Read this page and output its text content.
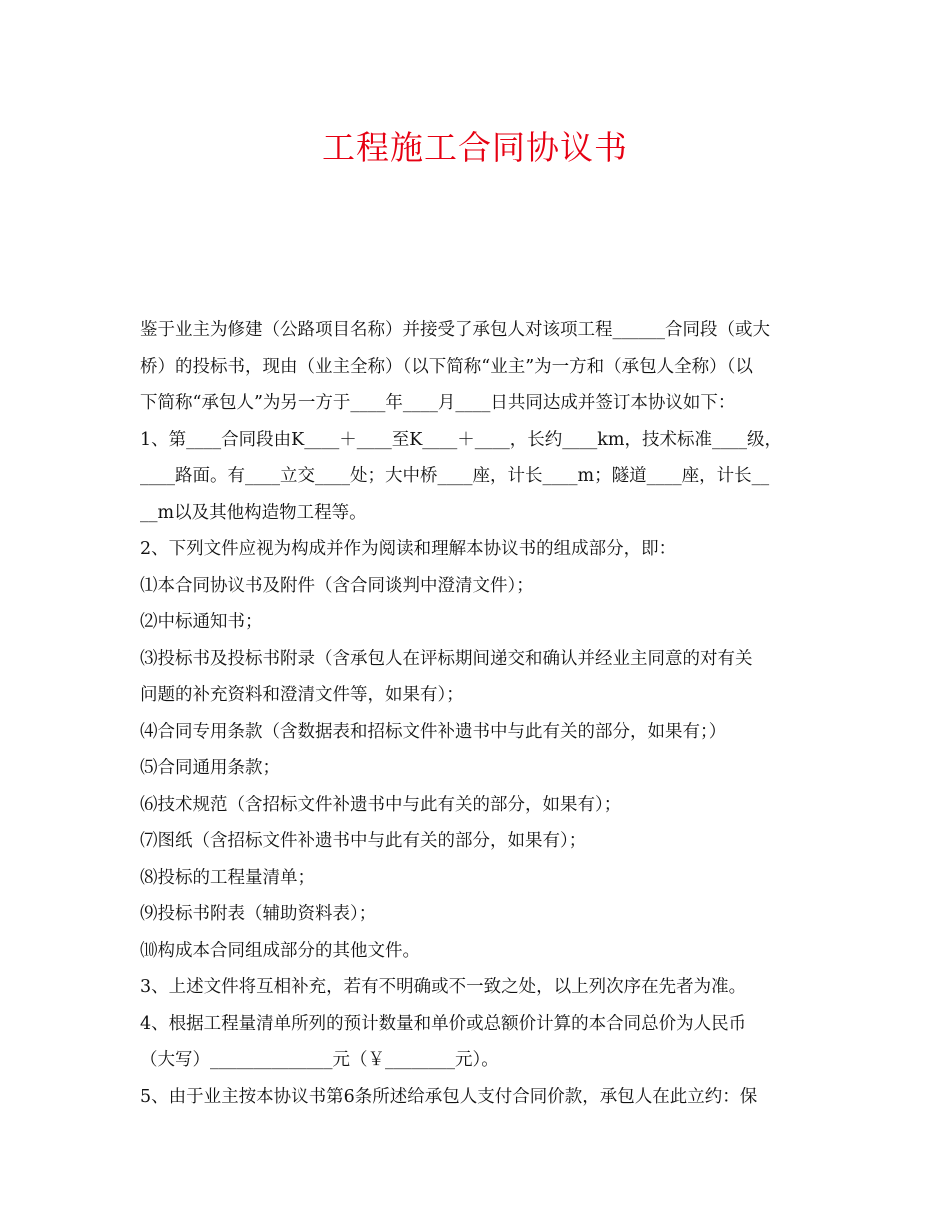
工程施工合同协议书
鉴于业主为修建（公路项目名称）并接受了承包人对该项工程______合同段（或大
桥）的投标书，现由（业主全称）（以下简称“业主”为一方和（承包人全称）（以
下简称“承包人”为另一方于____年____月____日共同达成并签订本协议如下：
1、第____合同段由K____＋____至K____＋____，长约____km，技术标准____级，
____路面。有____立交____处；大中桥____座，计长____m；隧道____座，计长__
__m以及其他构造物工程等。
2、下列文件应视为构成并作为阅读和理解本协议书的组成部分，即：
⑴本合同协议书及附件（含合同谈判中澄清文件）；
⑵中标通知书；
⑶投标书及投标书附录（含承包人在评标期间递交和确认并经业主同意的对有关
问题的补充资料和澄清文件等，如果有）；
⑷合同专用条款（含数据表和招标文件补遗书中与此有关的部分，如果有；）
⑸合同通用条款；
⑹技术规范（含招标文件补遗书中与此有关的部分，如果有）；
⑺图纸（含招标文件补遗书中与此有关的部分，如果有）；
⑻投标的工程量清单；
⑼投标书附表（辅助资料表）；
⑽构成本合同组成部分的其他文件。
3、上述文件将互相补充，若有不明确或不一致之处，以上列次序在先者为准。
4、根据工程量清单所列的预计数量和单价或总额价计算的本合同总价为人民币
（大写）______________元（￥________元）。
5、由于业主按本协议书第6条所述给承包人支付合同价款，承包人在此立约：保
